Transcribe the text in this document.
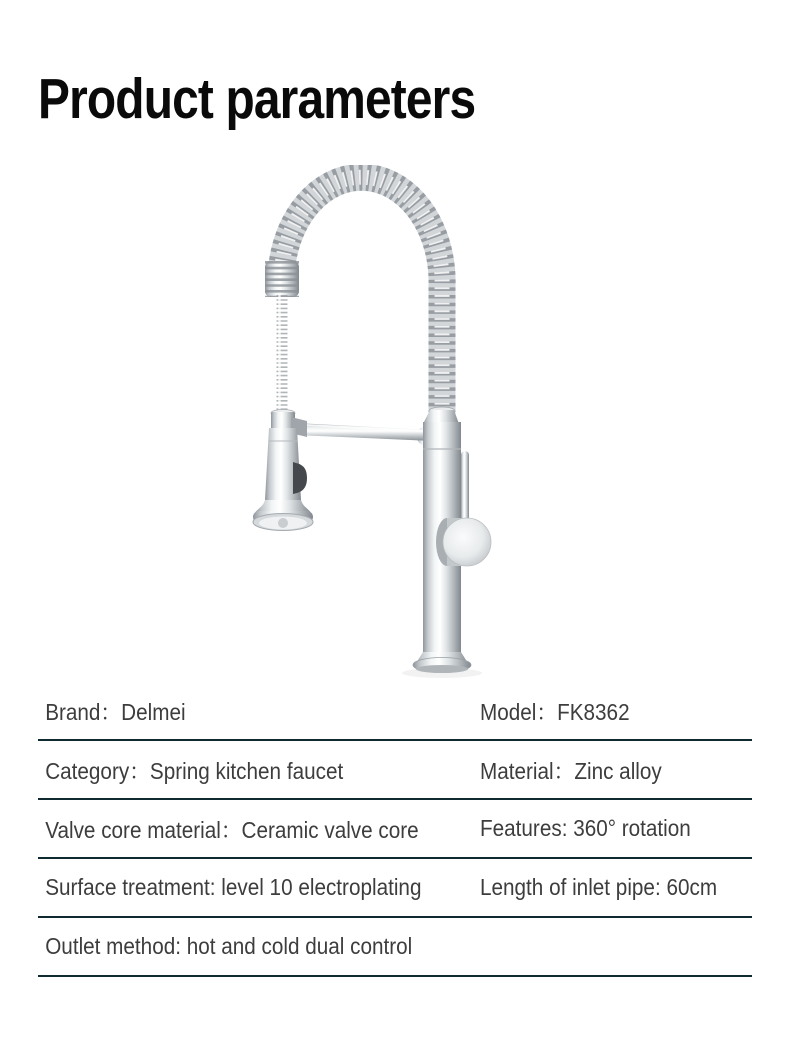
Product parameters
Brand：Delmei	Model：FK8362
Category：Spring kitchen faucet	Material：Zinc alloy
Valve core material：Ceramic valve core	Features: 360° rotation
Surface treatment: level 10 electroplating	Length of inlet pipe: 60cm
Outlet method: hot and cold dual control
